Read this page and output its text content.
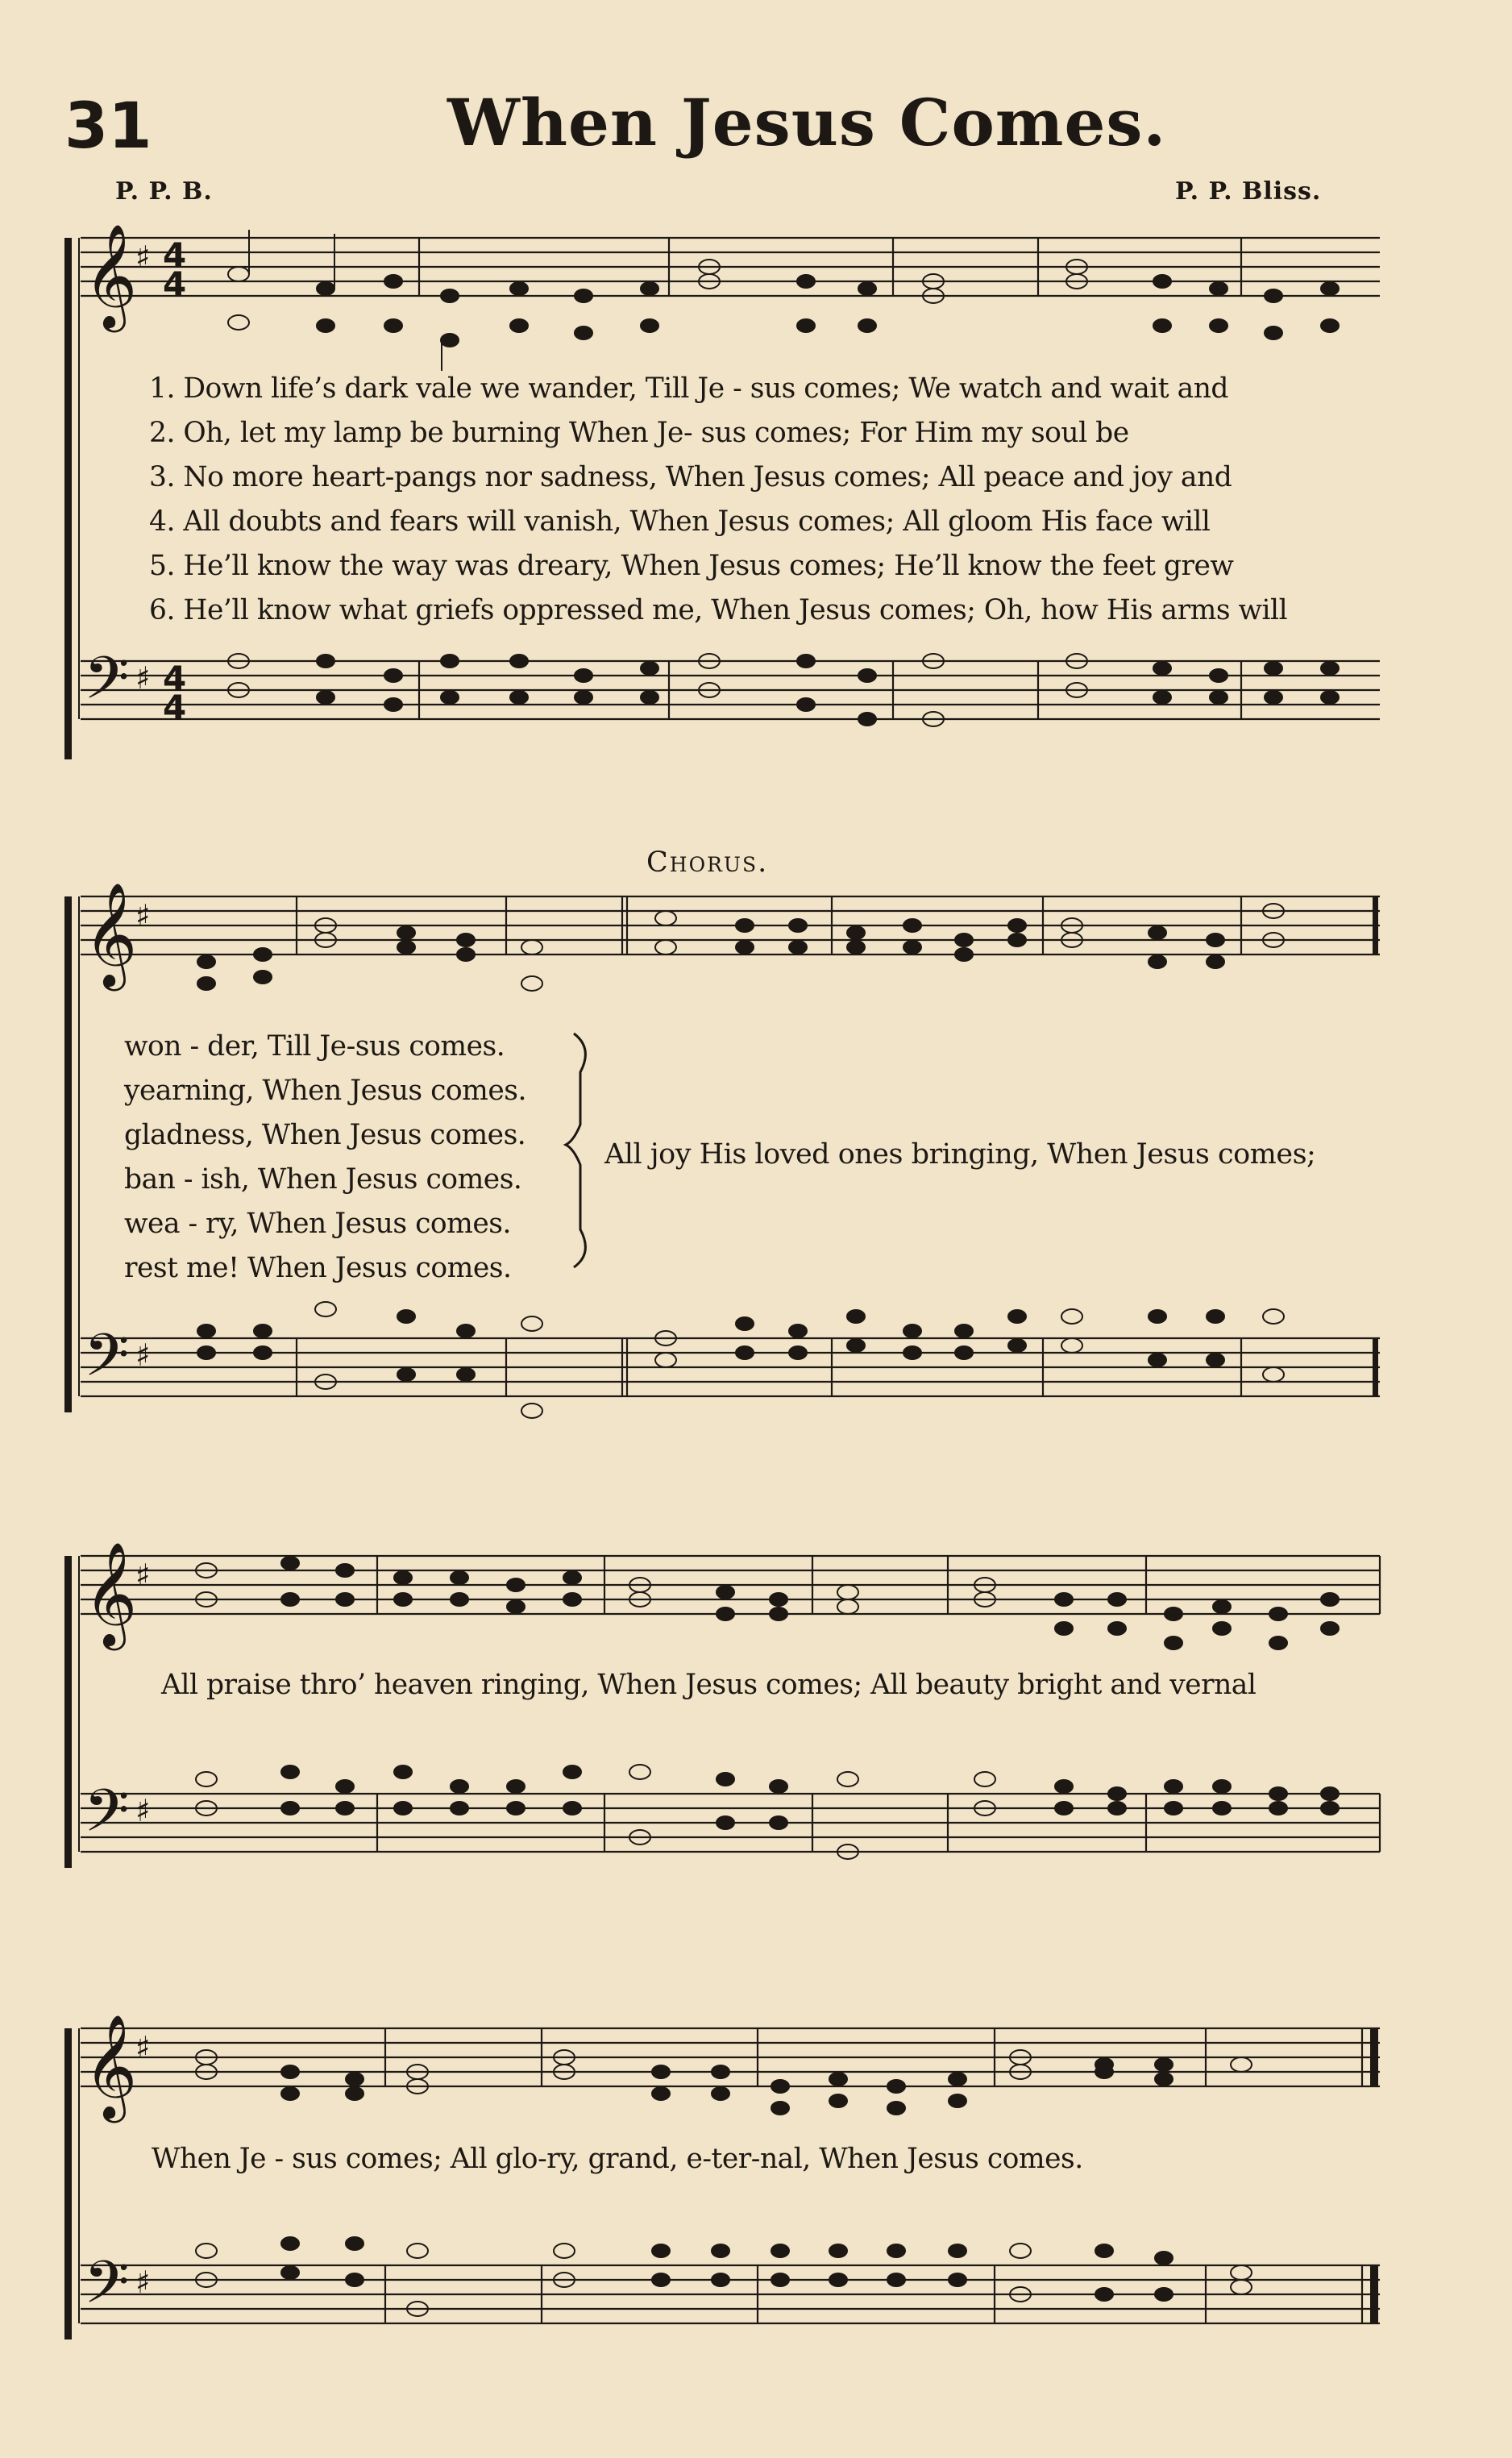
31	When Jesus Comes.
P. P. B.	P. P. Bliss.
𝄞
𝄢
♯
♯
4
4
4
4
1. Down life’s dark vale we wander, Till Je - sus comes; We watch and wait and
2. Oh, let my lamp be burning When Je- sus comes; For Him my soul be
3. No more heart-pangs nor sadness, When Jesus comes; All peace and joy and
4. All doubts and fears will vanish, When Jesus comes; All gloom His face will
5. He’ll know the way was dreary, When Jesus comes; He’ll know the feet grew
6. He’ll know what griefs oppressed me, When Jesus comes; Oh, how His arms will
𝄞
𝄢
♯
♯
Chorus.
won - der, Till Je-sus comes.
yearning, When Jesus comes.
gladness, When Jesus comes.
ban - ish, When Jesus comes.
wea - ry, When Jesus comes.
rest me! When Jesus comes.
All joy His loved ones bringing, When Jesus comes;
𝄞
𝄢
♯
♯
All praise thro’ heaven ringing, When Jesus comes; All beauty bright and vernal
𝄞
𝄢
♯
♯
When Je - sus comes; All glo-ry, grand, e-ter-nal, When Jesus comes.
